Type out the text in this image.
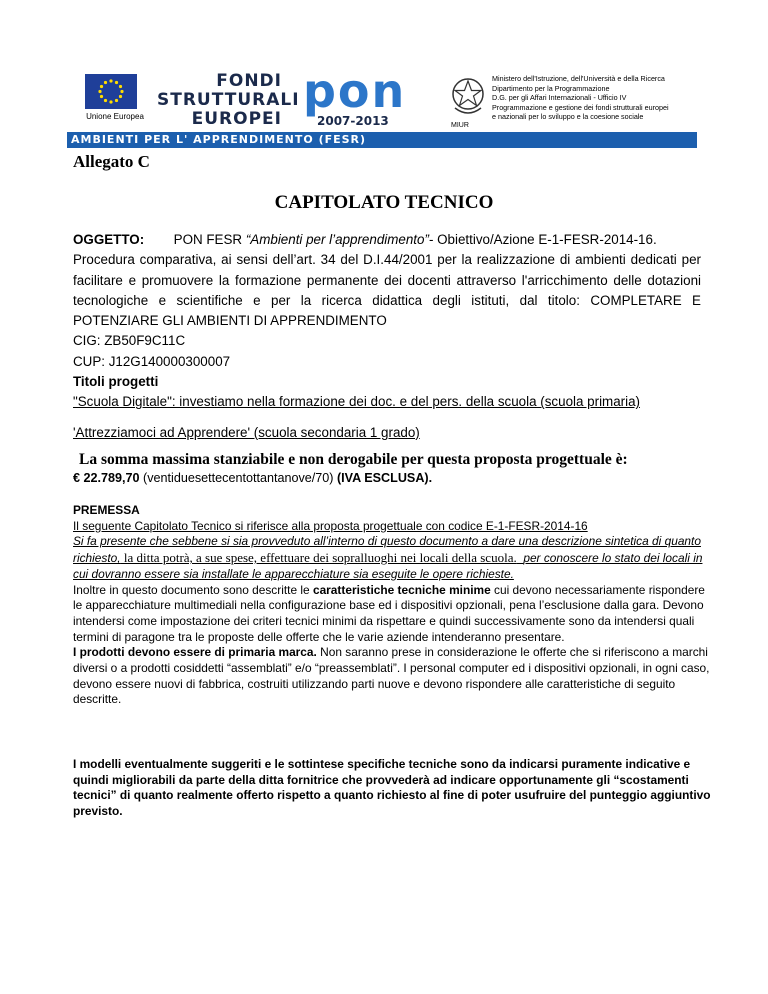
Unione Europea
FONDI
STRUTTURALI
EUROPEI
pon
2007-2013	MIUR
Ministero dell'Istruzione, dell'Università e della Ricerca
Dipartimento per la Programmazione
D.G. per gli Affari Internazionali - Ufficio IV
Programmazione e gestione dei fondi strutturali europei
e nazionali per lo sviluppo e la coesione sociale
AMBIENTI PER L' APPRENDIMENTO (FESR)
Allegato C
CAPITOLATO TECNICO
OGGETTO: PON FESR “Ambienti per l’apprendimento”- Obiettivo/Azione E-1-FESR-2014-16.
Procedura comparativa, ai sensi dell’art. 34 del D.I.44/2001 per la realizzazione di ambienti dedicati per facilitare e promuovere la formazione permanente dei docenti attraverso l'arricchimento delle dotazioni tecnologiche e scientifiche e per la ricerca didattica degli istituti, dal titolo: COMPLETARE E POTENZIARE GLI AMBIENTI DI APPRENDIMENTO
CIG: ZB50F9C11C
CUP: J12G140000300007
Titoli progetti
"Scuola Digitale": investiamo nella formazione dei doc. e del pers. della scuola (scuola primaria)
'Attrezziamoci ad Apprendere' (scuola secondaria 1 grado)
La somma massima stanziabile e non derogabile per questa proposta progettuale è:
€ 22.789,70 (ventiduesettecentottantanove/70) (IVA ESCLUSA).
PREMESSA
Il seguente Capitolato Tecnico si riferisce alla proposta progettuale con codice E-1-FESR-2014-16
Si fa presente che sebbene si sia provveduto all’interno di questo documento a dare una descrizione sintetica di quanto richiesto, la ditta potrà, a sue spese, effettuare dei sopralluoghi nei locali della scuola. per conoscere lo stato dei locali in cui dovranno essere sia installate le apparecchiature sia eseguite le opere richieste.
Inoltre in questo documento sono descritte le caratteristiche tecniche minime cui devono necessariamente rispondere le apparecchiature multimediali nella configurazione base ed i dispositivi opzionali, pena l’esclusione dalla gara. Devono intendersi come impostazione dei criteri tecnici minimi da rispettare e quindi successivamente sono da intendersi quali termini di paragone tra le proposte delle offerte che le varie aziende intenderanno presentare.
I prodotti devono essere di primaria marca. Non saranno prese in considerazione le offerte che si riferiscono a marchi diversi o a prodotti cosiddetti “assemblati” e/o “preassemblati”. I personal computer ed i dispositivi opzionali, in ogni caso, devono essere nuovi di fabbrica, costruiti utilizzando parti nuove e devono rispondere alle caratteristiche di seguito descritte.
I modelli eventualmente suggeriti e le sottintese specifiche tecniche sono da indicarsi puramente indicative e quindi migliorabili da parte della ditta fornitrice che provvederà ad indicare opportunamente gli “scostamenti tecnici” di quanto realmente offerto rispetto a quanto richiesto al fine di poter usufruire del punteggio aggiuntivo previsto.
